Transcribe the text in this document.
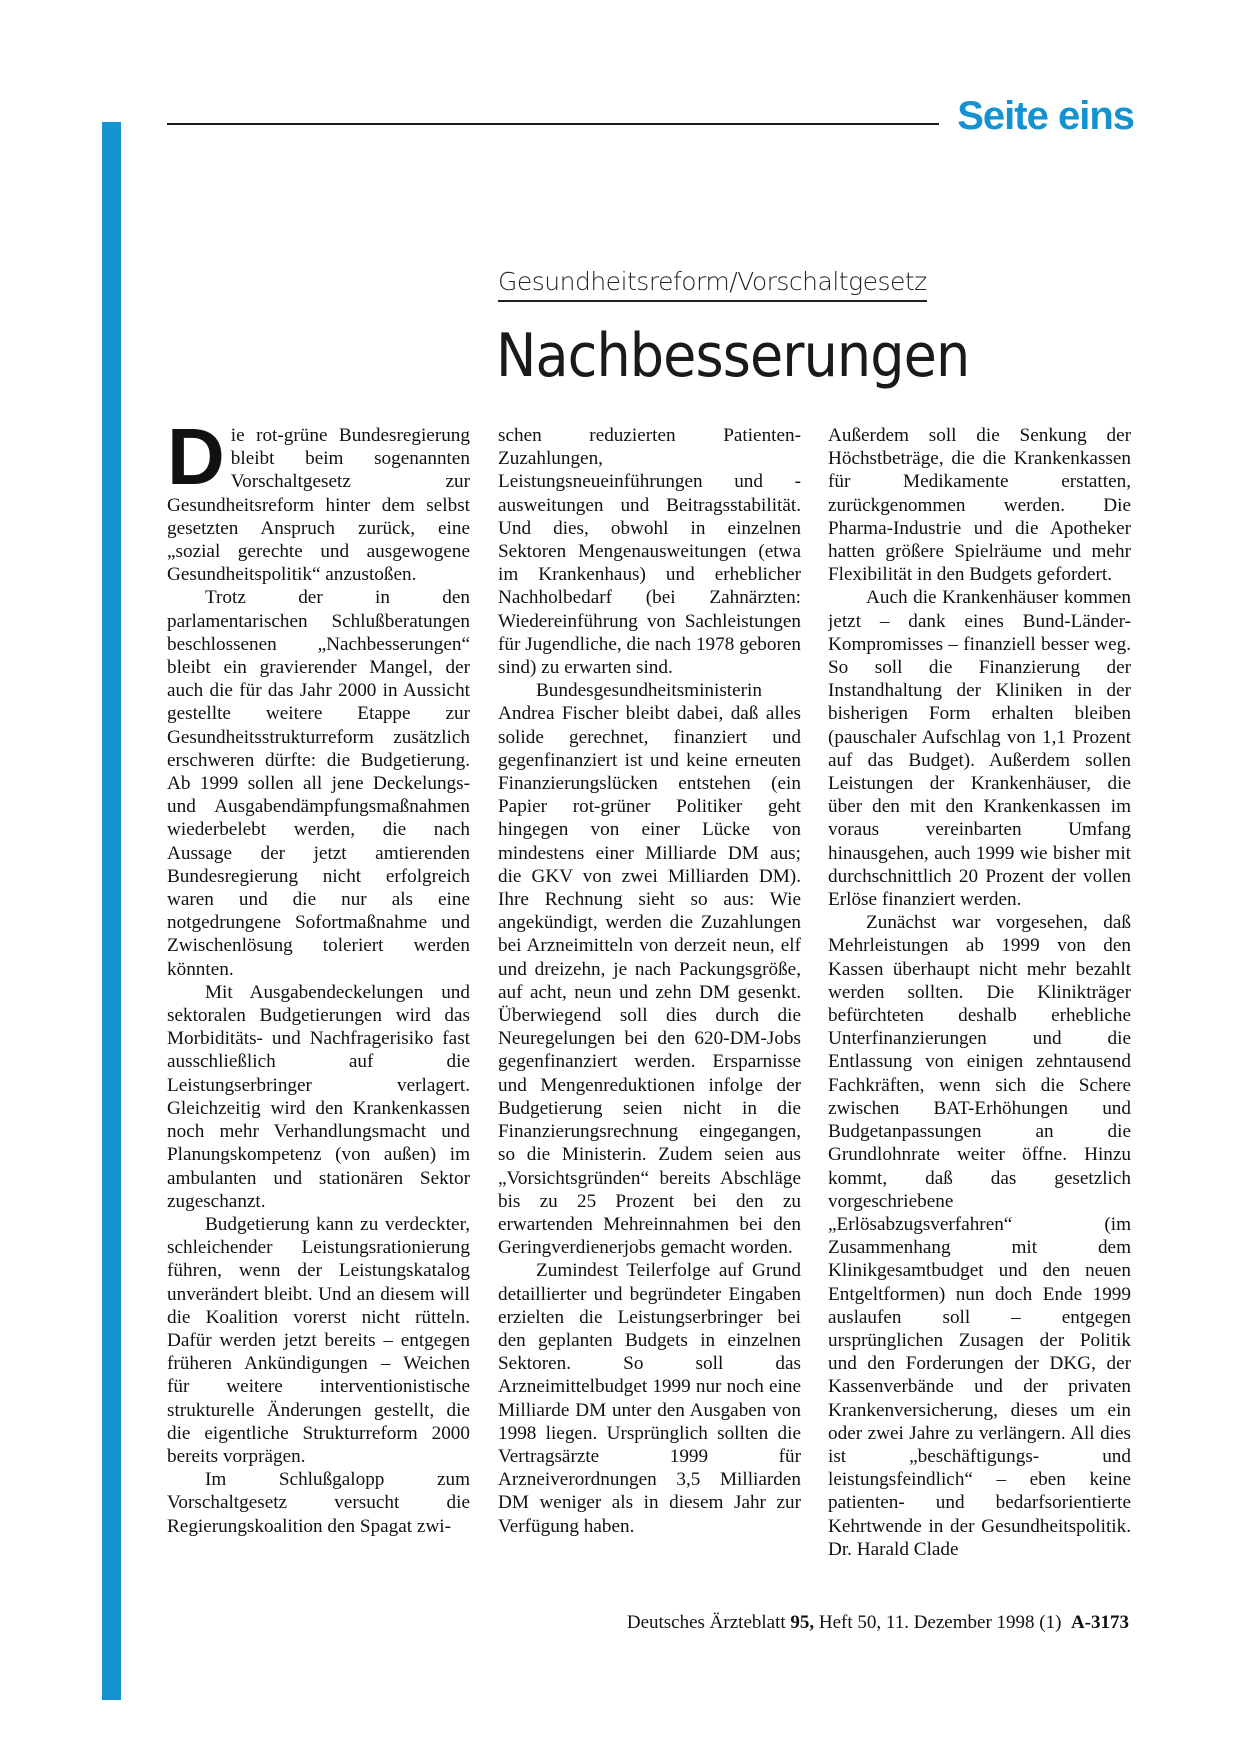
Seite eins
Gesundheitsreform/Vorschaltgesetz
Nachbesserungen

Die rot-grüne Bundesregierung bleibt beim sogenannten Vorschaltgesetz zur Gesundheitsreform hinter dem selbst gesetzten Anspruch zurück, eine „sozial gerechte und ausgewogene Gesundheitspolitik“ anzustoßen.

Trotz der in den parlamentarischen Schlußberatungen beschlossenen „Nachbesserungen“ bleibt ein gravierender Mangel, der auch die für das Jahr 2000 in Aussicht gestellte weitere Etappe zur Gesundheitsstrukturreform zusätzlich erschweren dürfte: die Budgetierung. Ab 1999 sollen all jene Deckelungs- und Ausgabendämpfungsmaßnahmen wiederbelebt werden, die nach Aussage der jetzt amtierenden Bundesregierung nicht erfolgreich waren und die nur als eine notgedrungene Sofortmaßnahme und Zwischenlösung toleriert werden könnten.

Mit Ausgabendeckelungen und sektoralen Budgetierungen wird das Morbiditäts- und Nachfragerisiko fast ausschließlich auf die Leistungserbringer verlagert. Gleichzeitig wird den Krankenkassen noch mehr Verhandlungsmacht und Planungskompetenz (von außen) im ambulanten und stationären Sektor zugeschanzt.

Budgetierung kann zu verdeckter, schleichender Leistungsrationierung führen, wenn der Leistungskatalog unverändert bleibt. Und an diesem will die Koalition vorerst nicht rütteln. Dafür werden jetzt bereits – entgegen früheren Ankündigungen – Weichen für weitere interventionistische strukturelle Änderungen gestellt, die die eigentliche Strukturreform 2000 bereits vorprägen.

Im Schlußgalopp zum Vorschaltgesetz versucht die Regierungskoalition den Spagat zwi-

schen reduzierten Patienten-Zuzahlungen, Leistungsneueinführungen und -ausweitungen und Beitragsstabilität. Und dies, obwohl in einzelnen Sektoren Mengenausweitungen (etwa im Krankenhaus) und erheblicher Nachholbedarf (bei Zahnärzten: Wiedereinführung von Sachleistungen für Jugendliche, die nach 1978 geboren sind) zu erwarten sind.

Bundesgesundheitsministerin Andrea Fischer bleibt dabei, daß alles solide gerechnet, finanziert und gegenfinanziert ist und keine erneuten Finanzierungslücken entstehen (ein Papier rot-grüner Politiker geht hingegen von einer Lücke von mindestens einer Milliarde DM aus; die GKV von zwei Milliarden DM). Ihre Rechnung sieht so aus: Wie angekündigt, werden die Zuzahlungen bei Arzneimitteln von derzeit neun, elf und dreizehn, je nach Packungsgröße, auf acht, neun und zehn DM gesenkt. Überwiegend soll dies durch die Neuregelungen bei den 620-DM-Jobs gegenfinanziert werden. Ersparnisse und Mengenreduktionen infolge der Budgetierung seien nicht in die Finanzierungsrechnung eingegangen, so die Ministerin. Zudem seien aus „Vorsichtsgründen“ bereits Abschläge bis zu 25 Prozent bei den zu erwartenden Mehreinnahmen bei den Geringverdienerjobs gemacht worden.

Zumindest Teilerfolge auf Grund detaillierter und begründeter Eingaben erzielten die Leistungserbringer bei den geplanten Budgets in einzelnen Sektoren. So soll das Arzneimittelbudget 1999 nur noch eine Milliarde DM unter den Ausgaben von 1998 liegen. Ursprünglich sollten die Vertragsärzte 1999 für Arzneiverordnungen 3,5 Milliarden DM weniger als in diesem Jahr zur Verfügung haben.

Außerdem soll die Senkung der Höchstbeträge, die die Krankenkassen für Medikamente erstatten, zurückgenommen werden. Die Pharma-Industrie und die Apotheker hatten größere Spielräume und mehr Flexibilität in den Budgets gefordert.

Auch die Krankenhäuser kommen jetzt – dank eines Bund-Länder-Kompromisses – finanziell besser weg. So soll die Finanzierung der Instandhaltung der Kliniken in der bisherigen Form erhalten bleiben (pauschaler Aufschlag von 1,1 Prozent auf das Budget). Außerdem sollen Leistungen der Krankenhäuser, die über den mit den Krankenkassen im voraus vereinbarten Umfang hinausgehen, auch 1999 wie bisher mit durchschnittlich 20 Prozent der vollen Erlöse finanziert werden.

Zunächst war vorgesehen, daß Mehrleistungen ab 1999 von den Kassen überhaupt nicht mehr bezahlt werden sollten. Die Klinikträger befürchteten deshalb erhebliche Unterfinanzierungen und die Entlassung von einigen zehntausend Fachkräften, wenn sich die Schere zwischen BAT-Erhöhungen und Budgetanpassungen an die Grundlohnrate weiter öffne. Hinzu kommt, daß das gesetzlich vorgeschriebene „Erlösabzugsverfahren“ (im Zusammenhang mit dem Klinikgesamtbudget und den neuen Entgeltformen) nun doch Ende 1999 auslaufen soll – entgegen ursprünglichen Zusagen der Politik und den Forderungen der DKG, der Kassenverbände und der privaten Krankenversicherung, dieses um ein oder zwei Jahre zu verlängern. All dies ist „beschäftigungs- und leistungsfeindlich“ – eben keine patienten- und bedarfsorientierte Kehrtwende in der Gesundheitspolitik. Dr. Harald Clade

Deutsches Ärzteblatt 95, Heft 50, 11. Dezember 1998 (1) A-3173
